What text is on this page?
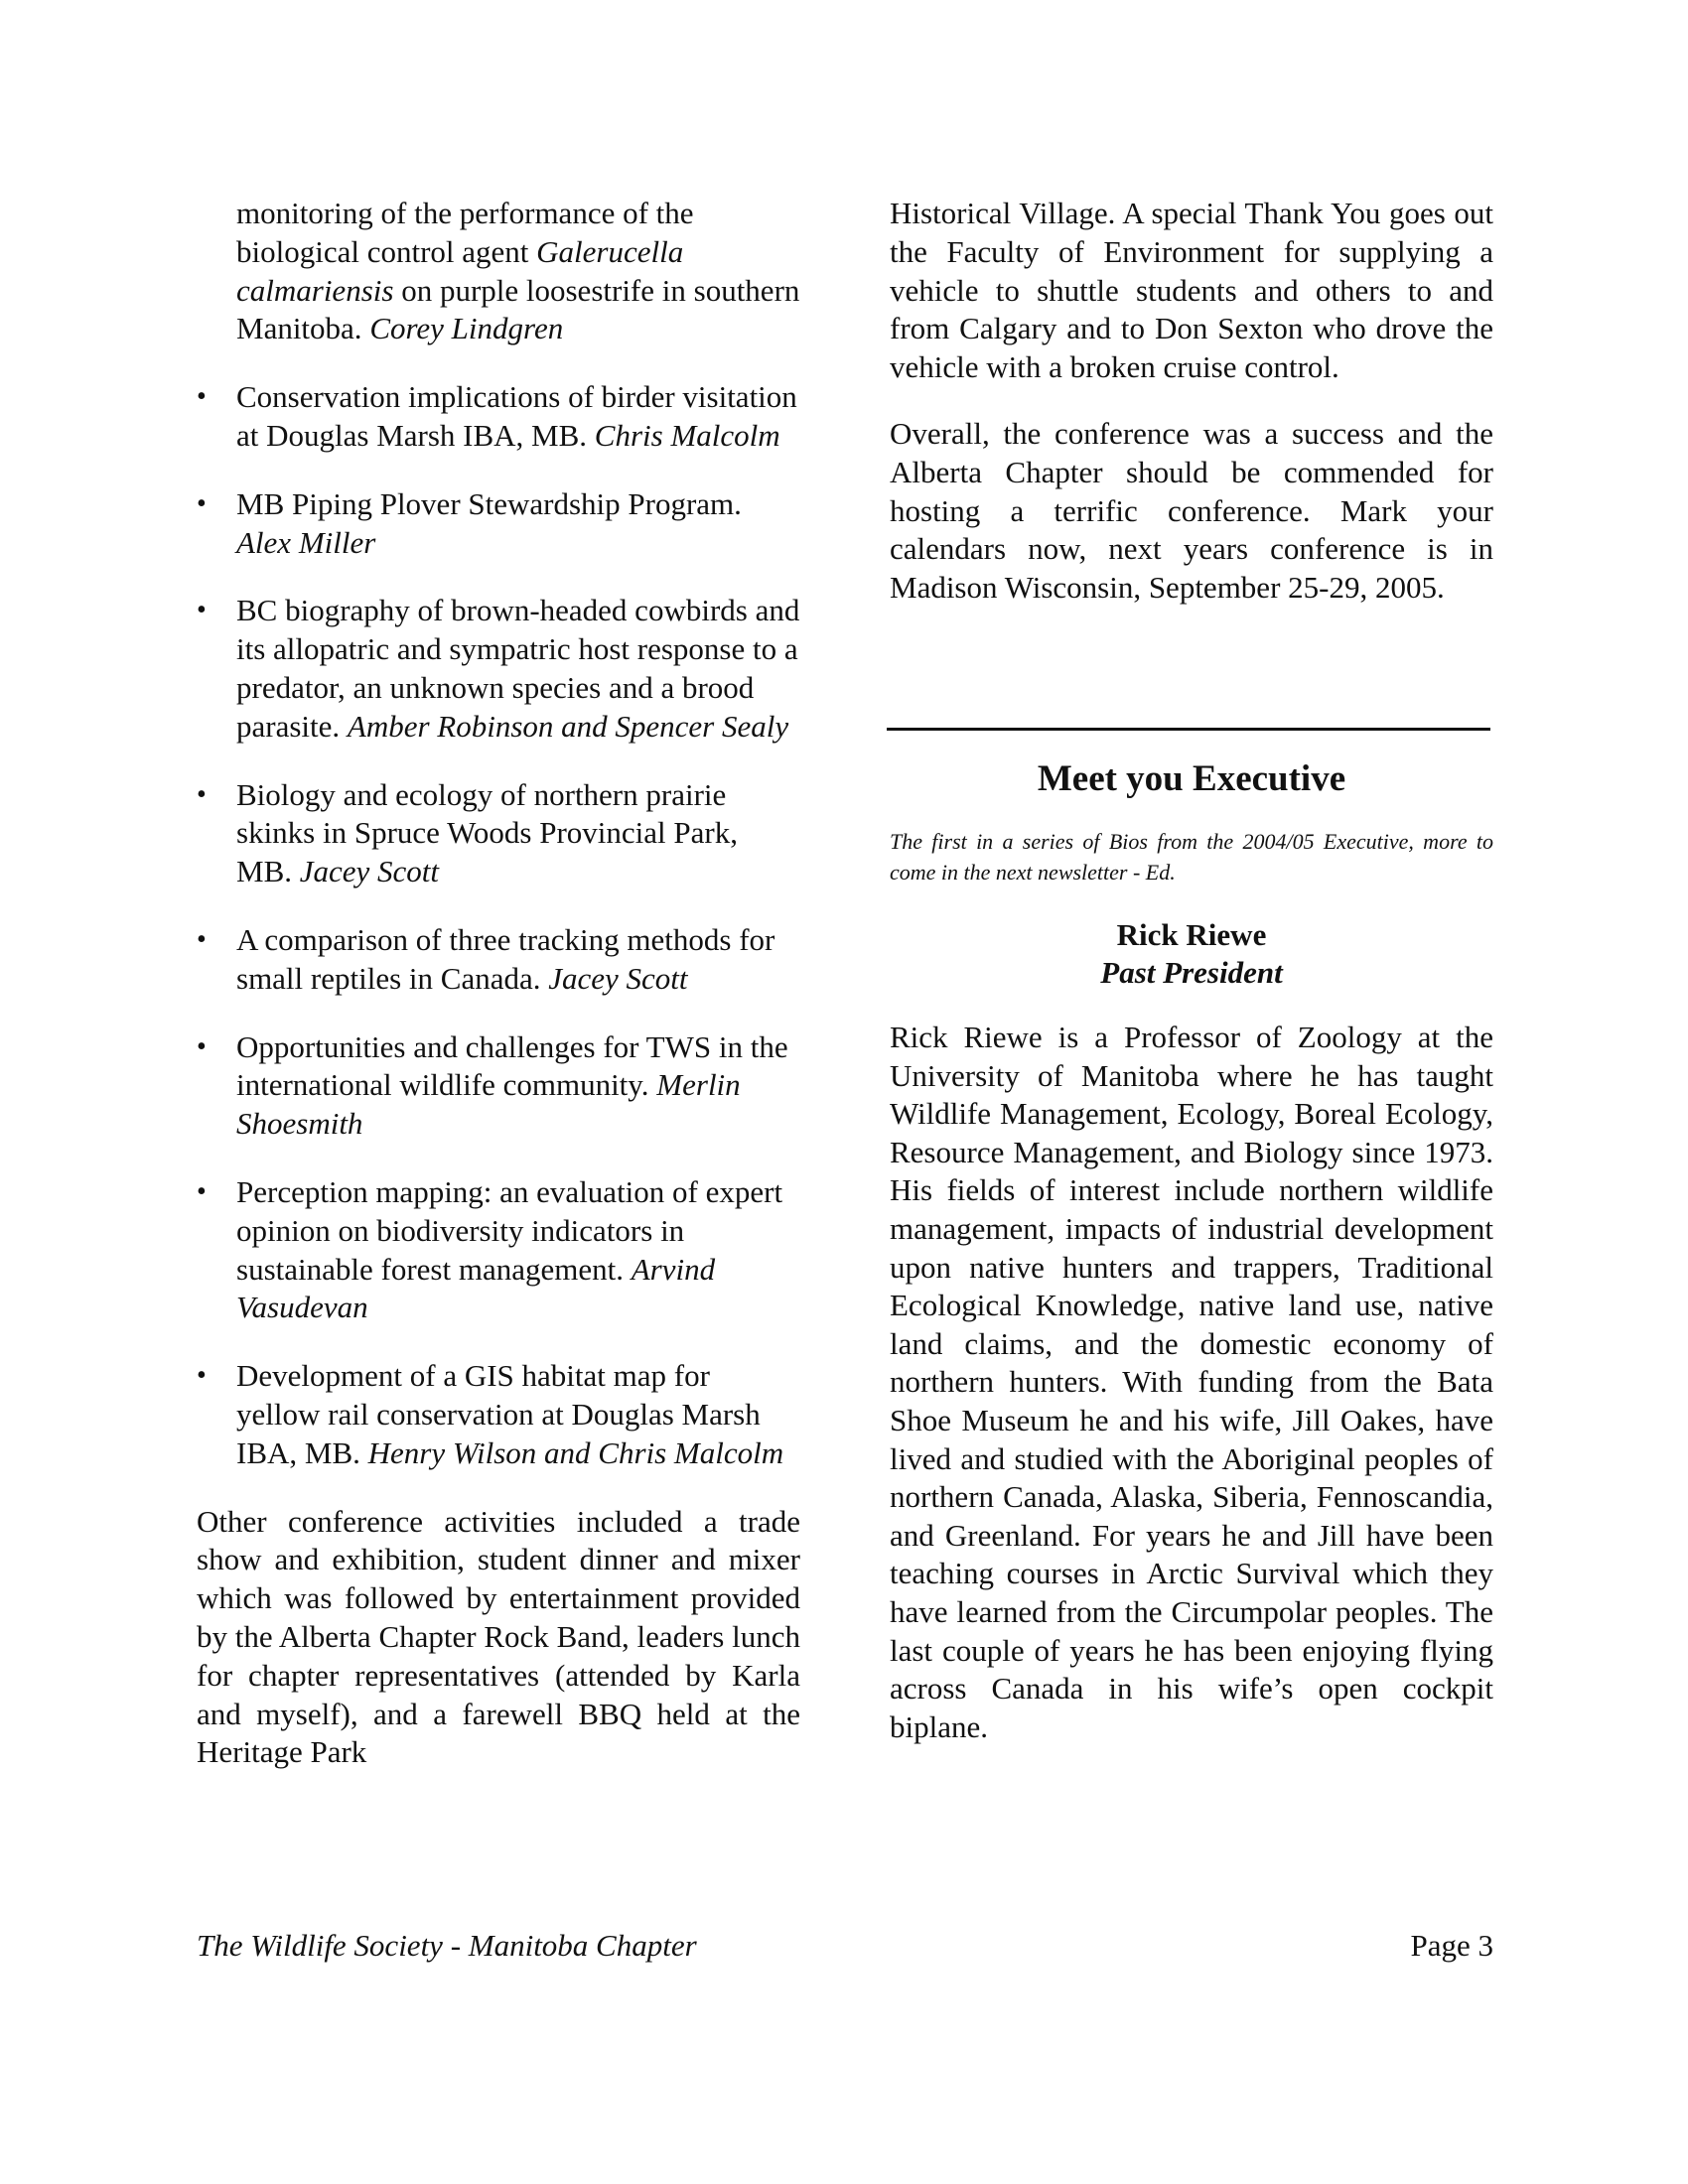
monitoring of the performance of the biological control agent Galerucella calmariensis on purple loosestrife in southern Manitoba. Corey Lindgren
• Conservation implications of birder visitation at Douglas Marsh IBA, MB. Chris Malcolm
• MB Piping Plover Stewardship Program. Alex Miller
• BC biography of brown-headed cowbirds and its allopatric and sympatric host response to a predator, an unknown species and a brood parasite. Amber Robinson and Spencer Sealy
• Biology and ecology of northern prairie skinks in Spruce Woods Provincial Park, MB. Jacey Scott
• A comparison of three tracking methods for small reptiles in Canada. Jacey Scott
• Opportunities and challenges for TWS in the international wildlife community. Merlin Shoesmith
• Perception mapping: an evaluation of expert opinion on biodiversity indicators in sustainable forest management. Arvind Vasudevan
• Development of a GIS habitat map for yellow rail conservation at Douglas Marsh IBA, MB. Henry Wilson and Chris Malcolm

Other conference activities included a trade show and exhibition, student dinner and mixer which was followed by entertainment provided by the Alberta Chapter Rock Band, leaders lunch for chapter representatives (attended by Karla and myself), and a farewell BBQ held at the Heritage Park

Historical Village. A special Thank You goes out the Faculty of Environment for supplying a vehicle to shuttle students and others to and from Calgary and to Don Sexton who drove the vehicle with a broken cruise control.

Overall, the conference was a success and the Alberta Chapter should be commended for hosting a terrific conference. Mark your calendars now, next years conference is in Madison Wisconsin, September 25-29, 2005.

Meet you Executive
The first in a series of Bios from the 2004/05 Executive, more to come in the next newsletter - Ed.
Rick Riewe
Past President

Rick Riewe is a Professor of Zoology at the University of Manitoba where he has taught Wildlife Management, Ecology, Boreal Ecology, Resource Management, and Biology since 1973. His fields of interest include northern wildlife management, impacts of industrial development upon native hunters and trappers, Traditional Ecological Knowledge, native land use, native land claims, and the domestic economy of northern hunters. With funding from the Bata Shoe Museum he and his wife, Jill Oakes, have lived and studied with the Aboriginal peoples of northern Canada, Alaska, Siberia, Fennoscandia, and Greenland. For years he and Jill have been teaching courses in Arctic Survival which they have learned from the Circumpolar peoples. The last couple of years he has been enjoying flying across Canada in his wife’s open cockpit biplane.

The Wildlife Society - Manitoba Chapter	Page 3
